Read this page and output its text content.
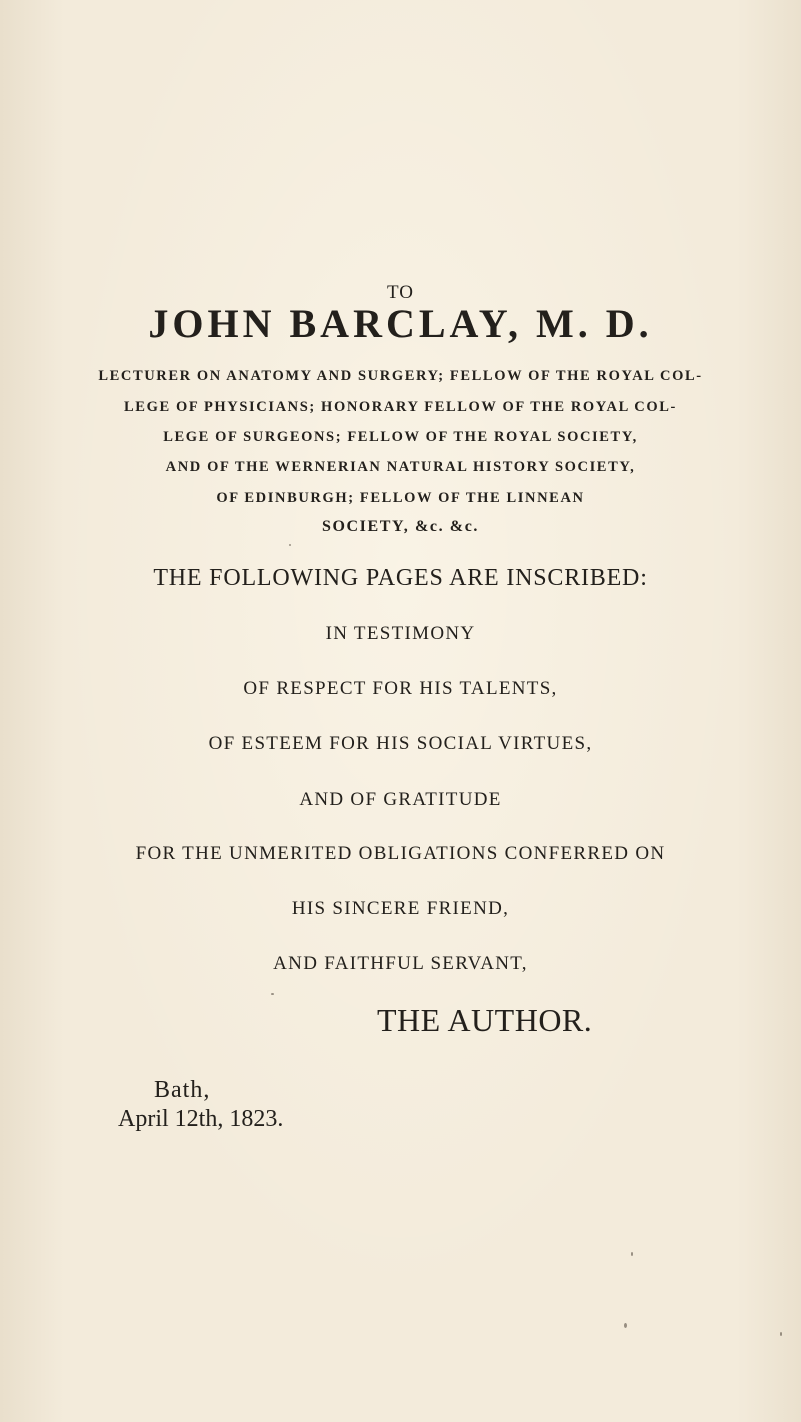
TO
JOHN BARCLAY, M. D.
LECTURER ON ANATOMY AND SURGERY; FELLOW OF THE ROYAL COL-
LEGE OF PHYSICIANS; HONORARY FELLOW OF THE ROYAL COL-
LEGE OF SURGEONS; FELLOW OF THE ROYAL SOCIETY,
AND OF THE WERNERIAN NATURAL HISTORY SOCIETY,
OF EDINBURGH; FELLOW OF THE LINNEAN
SOCIETY, &c. &c.
THE FOLLOWING PAGES ARE INSCRIBED:
IN TESTIMONY
OF RESPECT FOR HIS TALENTS,
OF ESTEEM FOR HIS SOCIAL VIRTUES,
AND OF GRATITUDE
FOR THE UNMERITED OBLIGATIONS CONFERRED ON
HIS SINCERE FRIEND,
AND FAITHFUL SERVANT,
THE AUTHOR.
Bath,
April 12th, 1823.
